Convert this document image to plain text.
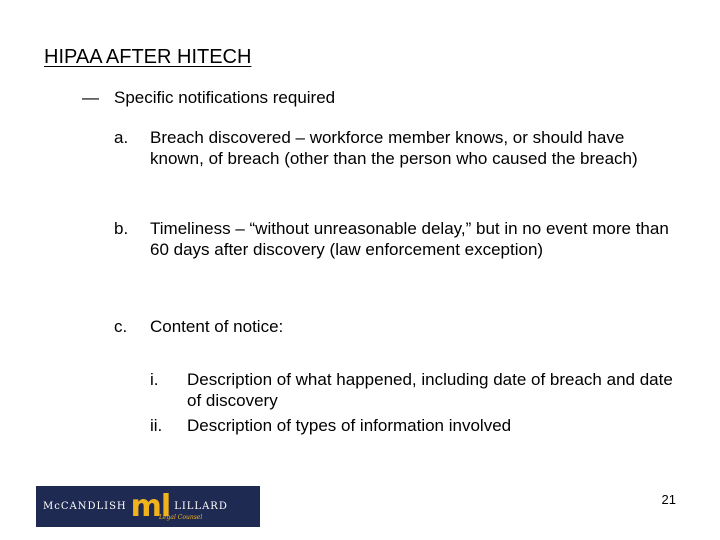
HIPAA AFTER HITECH
— Specific notifications required
a. Breach discovered – workforce member knows, or should have known, of breach (other than the person who caused the breach)
b. Timeliness – “without unreasonable delay,” but in no event more than 60 days after discovery (law enforcement exception)
c. Content of notice:
i. Description of what happened, including date of breach and date of discovery
ii. Description of types of information involved
McCANDLISH ml LILLARD
Legal Counsel
21
